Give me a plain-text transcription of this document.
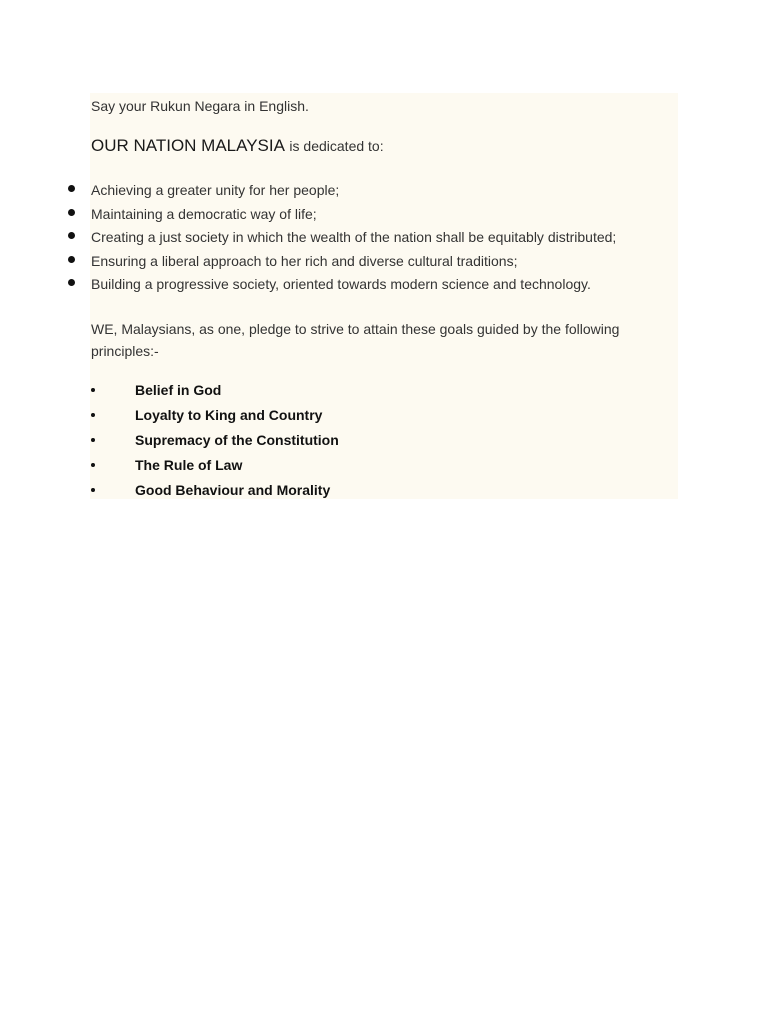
Say your Rukun Negara in English.
OUR NATION MALAYSIA is dedicated to:
Achieving a greater unity for her people;
Maintaining a democratic way of life;
Creating a just society in which the wealth of the nation shall be equitably distributed;
Ensuring a liberal approach to her rich and diverse cultural traditions;
Building a progressive society, oriented towards modern science and technology.
WE, Malaysians, as one, pledge to strive to attain these goals guided by the following principles:-
Belief in God
Loyalty to King and Country
Supremacy of the Constitution
The Rule of Law
Good Behaviour and Morality
